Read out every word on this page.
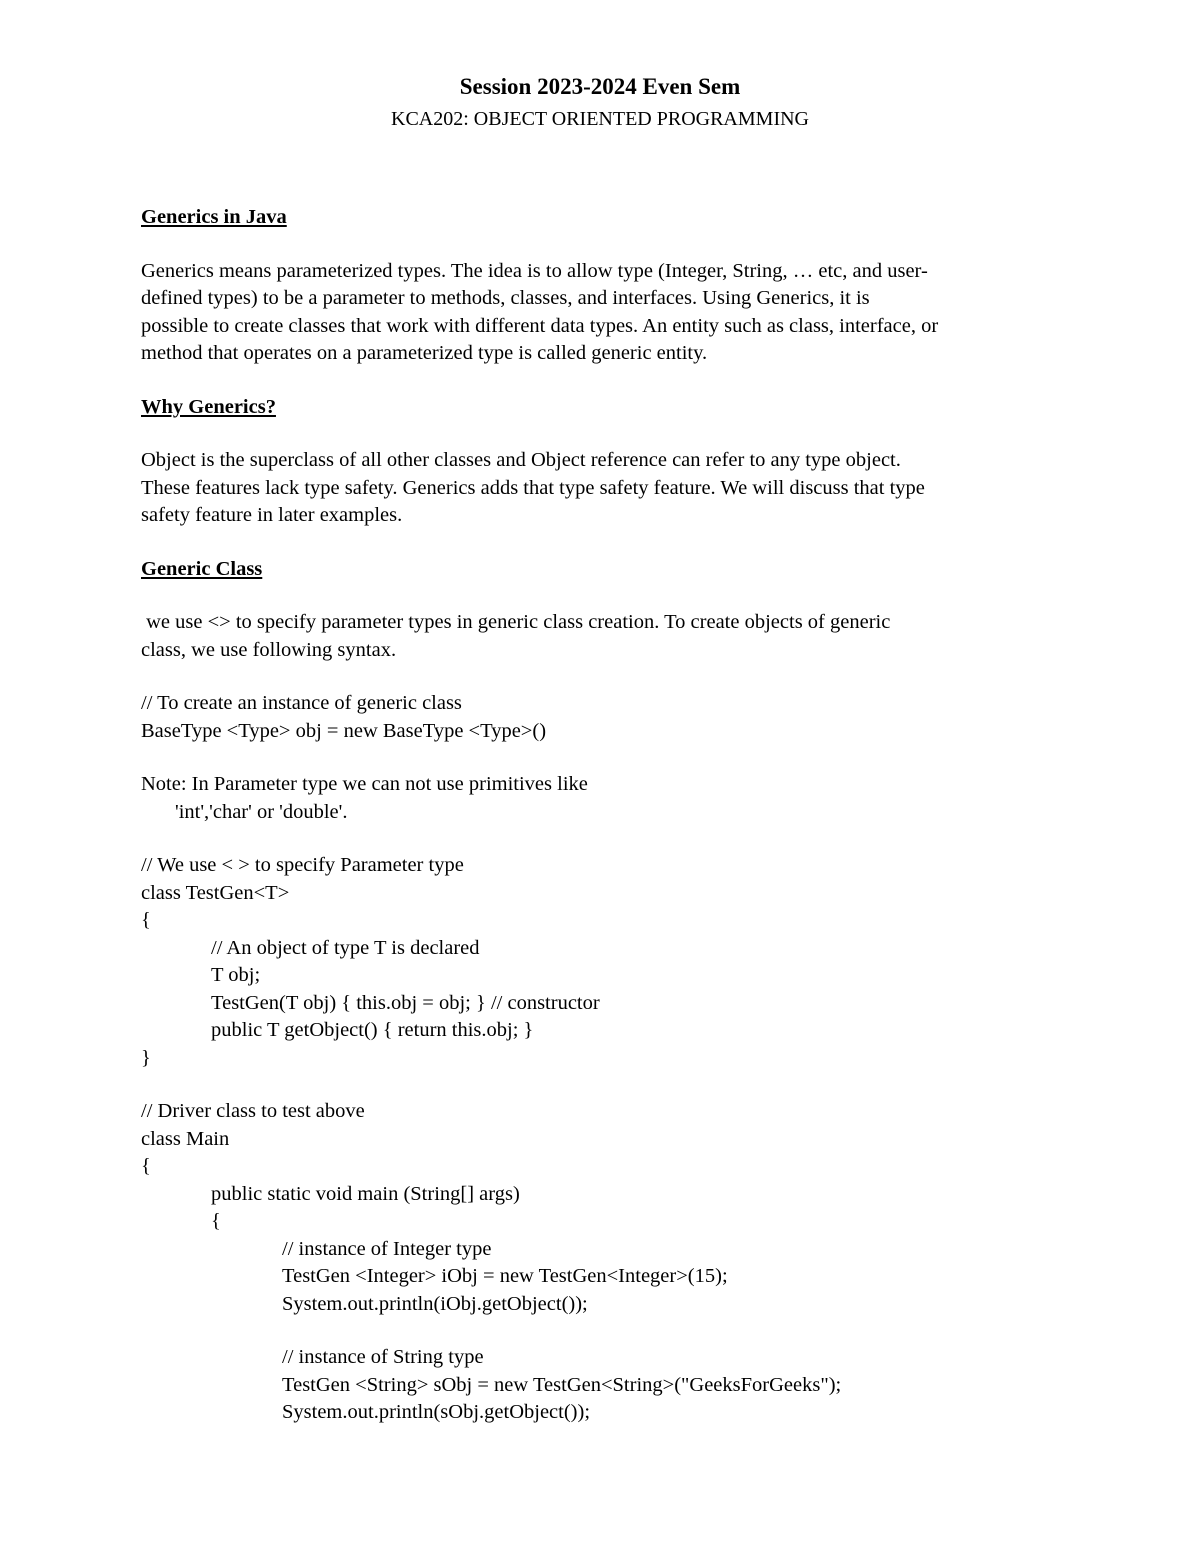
Session 2023-2024 Even Sem
KCA202: OBJECT ORIENTED PROGRAMMING
Generics in Java

Generics means parameterized types. The idea is to allow type (Integer, String, … etc, and user-
defined types) to be a parameter to methods, classes, and interfaces. Using Generics, it is
possible to create classes that work with different data types. An entity such as class, interface, or
method that operates on a parameterized type is called generic entity.

Why Generics?

Object is the superclass of all other classes and Object reference can refer to any type object.
These features lack type safety. Generics adds that type safety feature. We will discuss that type
safety feature in later examples.

Generic Class

we use <> to specify parameter types in generic class creation. To create objects of generic
class, we use following syntax.

// To create an instance of generic class
BaseType <Type> obj = new BaseType <Type>()
Note: In Parameter type we can not use primitives like
'int','char' or 'double'.
// We use < > to specify Parameter type
class TestGen<T>
{
// An object of type T is declared
T obj;
TestGen(T obj) { this.obj = obj; } // constructor
public T getObject() { return this.obj; }
}
// Driver class to test above
class Main
{
public static void main (String[] args)
{
// instance of Integer type
TestGen <Integer> iObj = new TestGen<Integer>(15);
System.out.println(iObj.getObject());
// instance of String type
TestGen <String> sObj = new TestGen<String>("GeeksForGeeks");
System.out.println(sObj.getObject());
